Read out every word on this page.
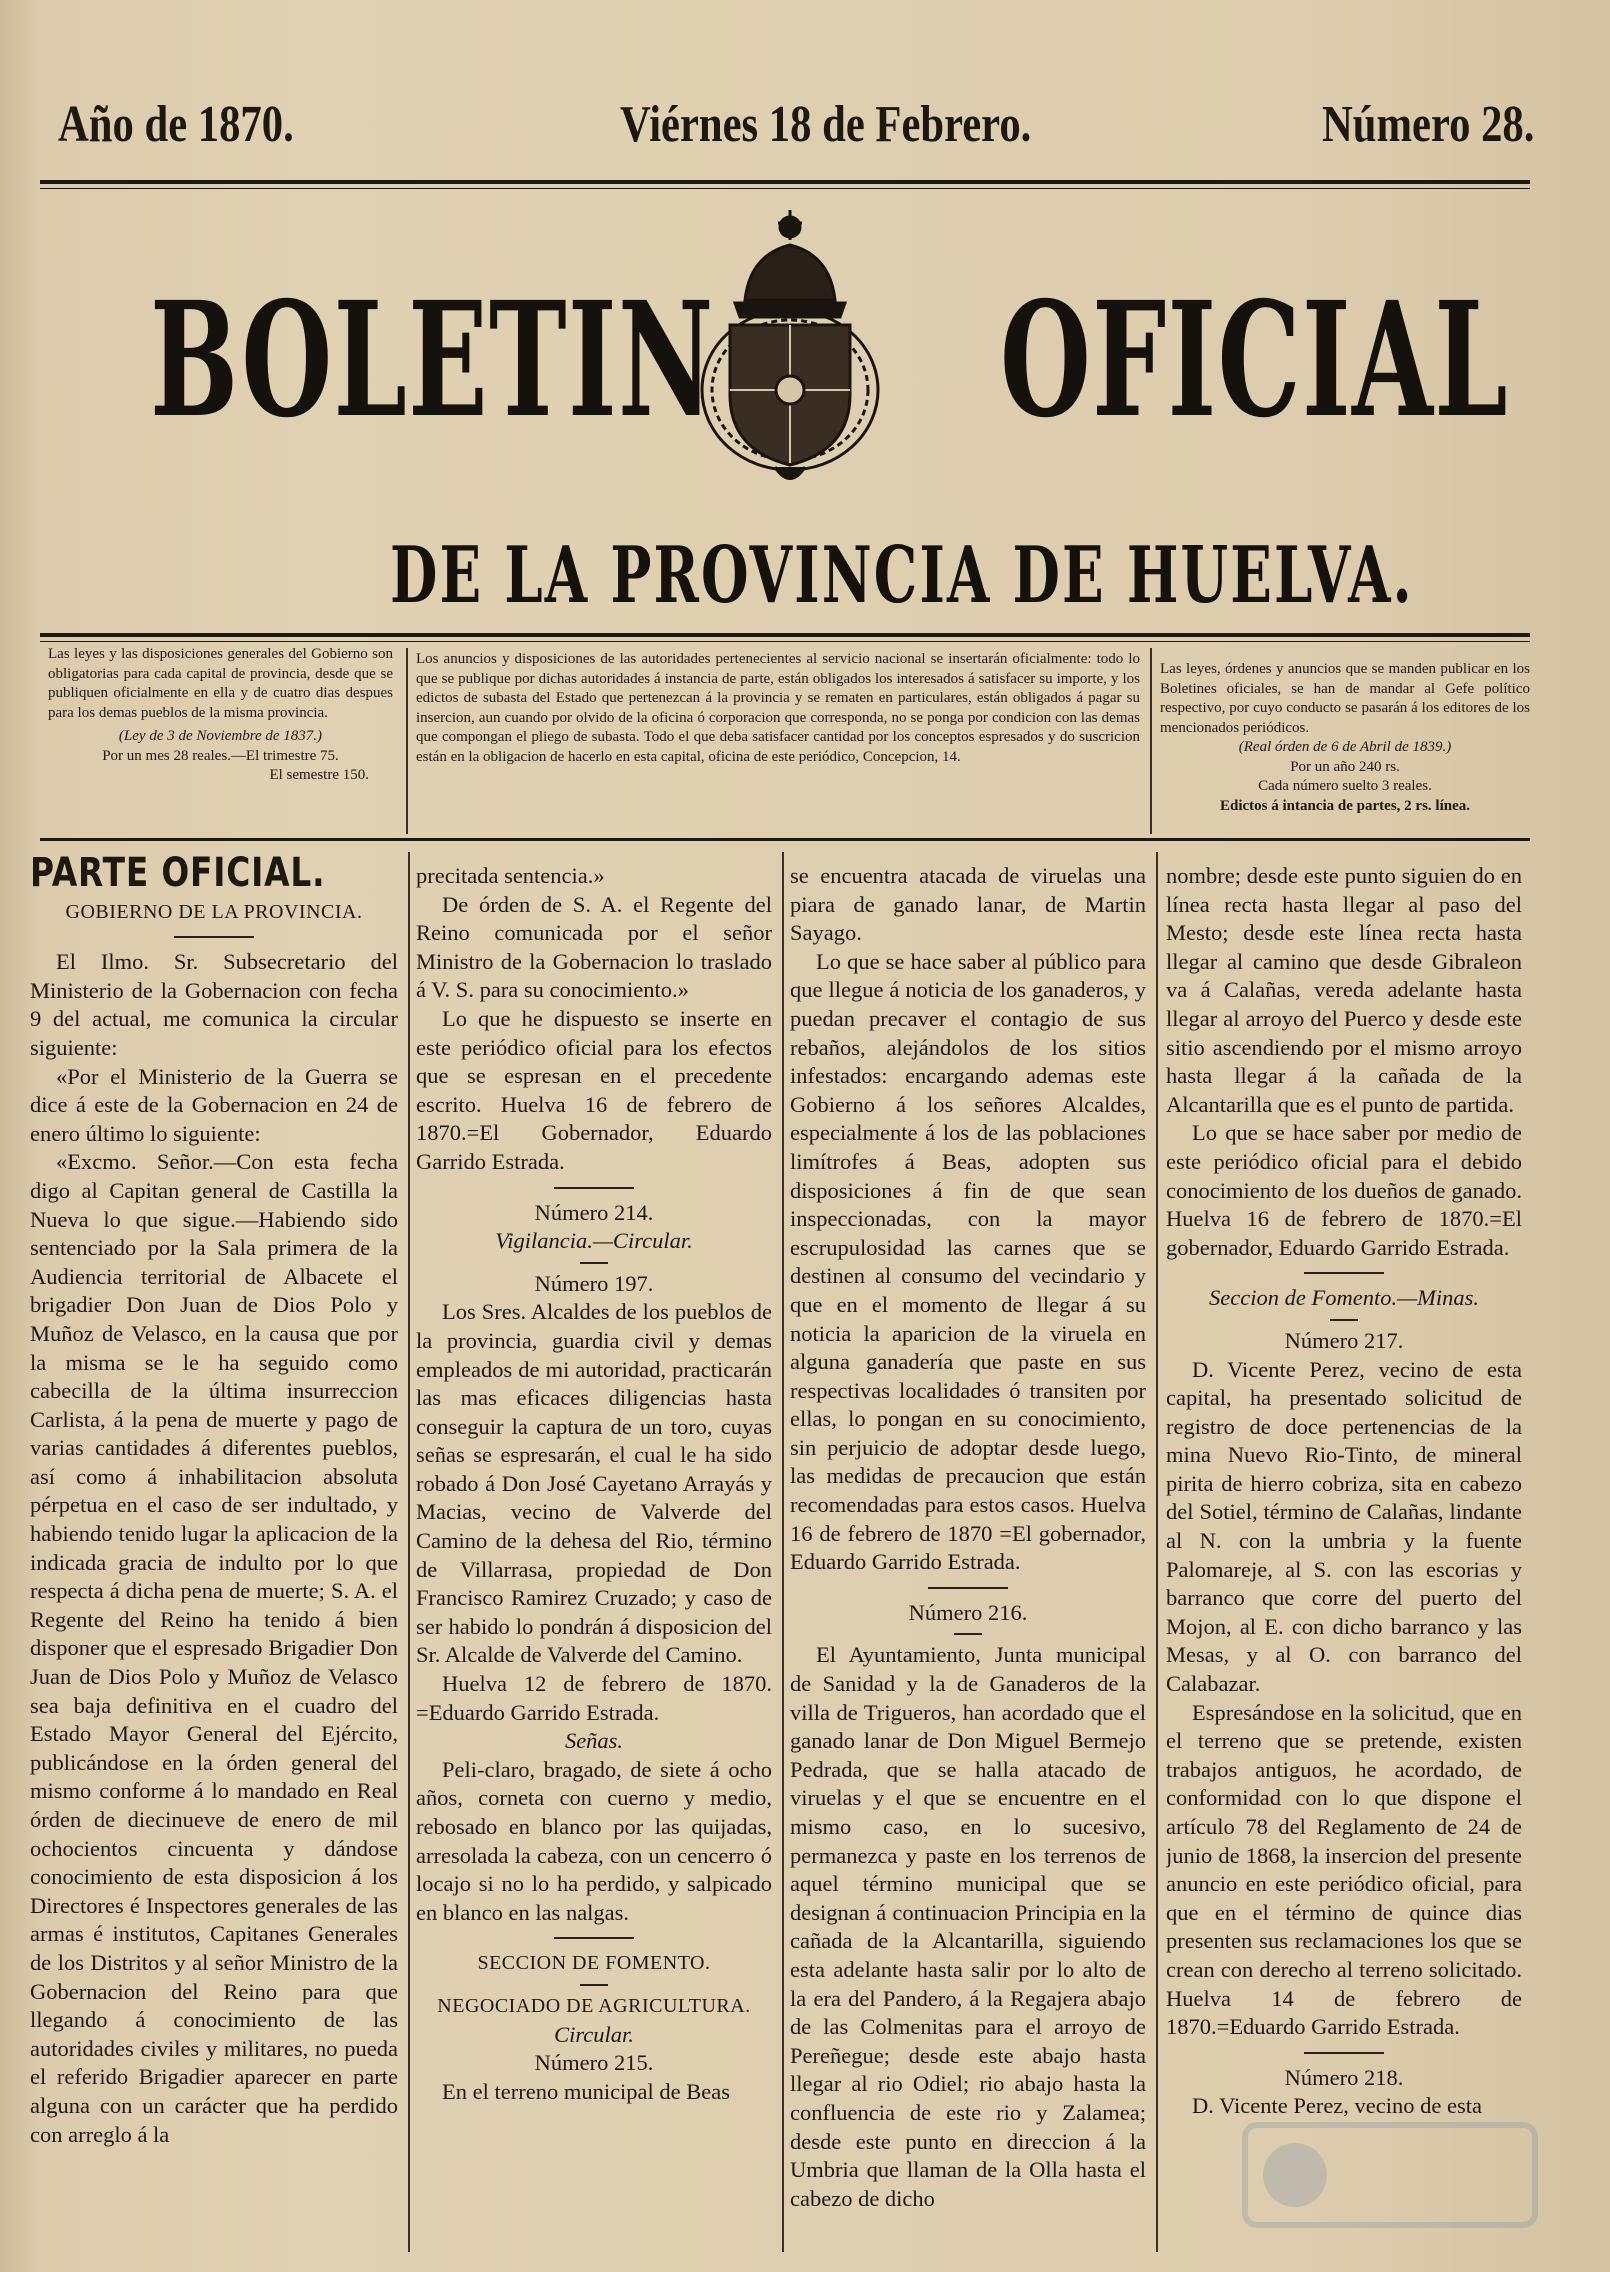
Año de 1870.	Viérnes 18 de Febrero.	Número 28.
BOLETIN OFICIAL
DE LA PROVINCIA DE HUELVA.

Las leyes y las disposiciones generales del Gobierno son obligatorias para cada capital de provincia, desde que se publiquen oficialmente en ella y de cuatro dias despues para los demas pueblos de la misma provincia.

(Ley de 3 de Noviembre de 1837.)

Por un mes 28 reales.—El trimestre 75.

El semestre 150.

Los anuncios y disposiciones de las autoridades pertenecientes al servicio nacional se insertarán oficialmente: todo lo que se publique por dichas autoridades á instancia de parte, están obligados los interesados á satisfacer su importe, y los edictos de subasta del Estado que pertenezcan á la provincia y se rematen en particulares, están obligados á pagar su insercion, aun cuando por olvido de la oficina ó corporacion que corresponda, no se ponga por condicion con las demas que compongan el pliego de subasta. Todo el que deba satisfacer cantidad por los conceptos espresados y do suscricion están en la obligacion de hacerlo en esta capital, oficina de este periódico, Concepcion, 14.

Las leyes, órdenes y anuncios que se manden publicar en los Boletines oficiales, se han de mandar al Gefe político respectivo, por cuyo conducto se pasarán á los editores de los mencionados periódicos.

(Real órden de 6 de Abril de 1839.)

Por un año 240 rs.

Cada número suelto 3 reales.

Edictos á intancia de partes, 2 rs. línea.

PARTE OFICIAL.

GOBIERNO DE LA PROVINCIA.

El Ilmo. Sr. Subsecretario del Ministerio de la Gobernacion con fecha 9 del actual, me comunica la circular siguiente:

«Por el Ministerio de la Guerra se dice á este de la Gobernacion en 24 de enero último lo siguiente:

«Excmo. Señor.—Con esta fecha digo al Capitan general de Castilla la Nueva lo que sigue.—Habiendo sido sentenciado por la Sala primera de la Audiencia territorial de Albacete el brigadier Don Juan de Dios Polo y Muñoz de Velasco, en la causa que por la misma se le ha seguido como cabecilla de la última insurreccion Carlista, á la pena de muerte y pago de varias cantidades á diferentes pueblos, así como á inhabilitacion absoluta pérpetua en el caso de ser indultado, y habiendo tenido lugar la aplicacion de la indicada gracia de indulto por lo que respecta á dicha pena de muerte; S. A. el Regente del Reino ha tenido á bien disponer que el espresado Brigadier Don Juan de Dios Polo y Muñoz de Velasco sea baja definitiva en el cuadro del Estado Mayor General del Ejército, publicándose en la órden general del mismo conforme á lo mandado en Real órden de diecinueve de enero de mil ochocientos cincuenta y dándose conocimiento de esta disposicion á los Directores é Inspectores generales de las armas é institutos, Capitanes Generales de los Distritos y al señor Ministro de la Gobernacion del Reino para que llegando á conocimiento de las autoridades civiles y militares, no pueda el referido Brigadier aparecer en parte alguna con un carácter que ha perdido con arreglo á la

precitada sentencia.»

De órden de S. A. el Regente del Reino comunicada por el señor Ministro de la Gobernacion lo traslado á V. S. para su conocimiento.»

Lo que he dispuesto se inserte en este periódico oficial para los efectos que se espresan en el precedente escrito. Huelva 16 de febrero de 1870.=El Gobernador, Eduardo Garrido Estrada.

Número 214.

Vigilancia.—Circular.

Número 197.

Los Sres. Alcaldes de los pueblos de la provincia, guardia civil y demas empleados de mi autoridad, practicarán las mas eficaces diligencias hasta conseguir la captura de un toro, cuyas señas se espresarán, el cual le ha sido robado á Don José Cayetano Arrayás y Macias, vecino de Valverde del Camino de la dehesa del Rio, término de Villarrasa, propiedad de Don Francisco Ramirez Cruzado; y caso de ser habido lo pondrán á disposicion del Sr. Alcalde de Valverde del Camino.

Huelva 12 de febrero de 1870. =Eduardo Garrido Estrada.

Señas.

Peli-claro, bragado, de siete á ocho años, corneta con cuerno y medio, rebosado en blanco por las quijadas, arresolada la cabeza, con un cencerro ó locajo si no lo ha perdido, y salpicado en blanco en las nalgas.

SECCION DE FOMENTO.

NEGOCIADO DE AGRICULTURA.

Circular.

Número 215.

En el terreno municipal de Beas

se encuentra atacada de viruelas una piara de ganado lanar, de Martin Sayago.

Lo que se hace saber al público para que llegue á noticia de los ganaderos, y puedan precaver el contagio de sus rebaños, alejándolos de los sitios infestados: encargando ademas este Gobierno á los señores Alcaldes, especialmente á los de las poblaciones limítrofes á Beas, adopten sus disposiciones á fin de que sean inspeccionadas, con la mayor escrupulosidad las carnes que se destinen al consumo del vecindario y que en el momento de llegar á su noticia la aparicion de la viruela en alguna ganadería que paste en sus respectivas localidades ó transiten por ellas, lo pongan en su conocimiento, sin perjuicio de adoptar desde luego, las medidas de precaucion que están recomendadas para estos casos. Huelva 16 de febrero de 1870 =El gobernador, Eduardo Garrido Estrada.

Número 216.

El Ayuntamiento, Junta municipal de Sanidad y la de Ganaderos de la villa de Trigueros, han acordado que el ganado lanar de Don Miguel Bermejo Pedrada, que se halla atacado de viruelas y el que se encuentre en el mismo caso, en lo sucesivo, permanezca y paste en los terrenos de aquel término municipal que se designan á continuacion Principia en la cañada de la Alcantarilla, siguiendo esta adelante hasta salir por lo alto de la era del Pandero, á la Regajera abajo de las Colmenitas para el arroyo de Pereñegue; desde este abajo hasta llegar al rio Odiel; rio abajo hasta la confluencia de este rio y Zalamea; desde este punto en direccion á la Umbria que llaman de la Olla hasta el cabezo de dicho

nombre; desde este punto siguien do en línea recta hasta llegar al paso del Mesto; desde este línea recta hasta llegar al camino que desde Gibraleon va á Calañas, vereda adelante hasta llegar al arroyo del Puerco y desde este sitio ascendiendo por el mismo arroyo hasta llegar á la cañada de la Alcantarilla que es el punto de partida.

Lo que se hace saber por medio de este periódico oficial para el debido conocimiento de los dueños de ganado. Huelva 16 de febrero de 1870.=El gobernador, Eduardo Garrido Estrada.

Seccion de Fomento.—Minas.

Número 217.

D. Vicente Perez, vecino de esta capital, ha presentado solicitud de registro de doce pertenencias de la mina Nuevo Rio-Tinto, de mineral pirita de hierro cobriza, sita en cabezo del Sotiel, término de Calañas, lindante al N. con la umbria y la fuente Palomareje, al S. con las escorias y barranco que corre del puerto del Mojon, al E. con dicho barranco y las Mesas, y al O. con barranco del Calabazar.

Espresándose en la solicitud, que en el terreno que se pretende, existen trabajos antiguos, he acordado, de conformidad con lo que dispone el artículo 78 del Reglamento de 24 de junio de 1868, la insercion del presente anuncio en este periódico oficial, para que en el término de quince dias presenten sus reclamaciones los que se crean con derecho al terreno solicitado. Huelva 14 de febrero de 1870.=Eduardo Garrido Estrada.

Número 218.

D. Vicente Perez, vecino de esta
